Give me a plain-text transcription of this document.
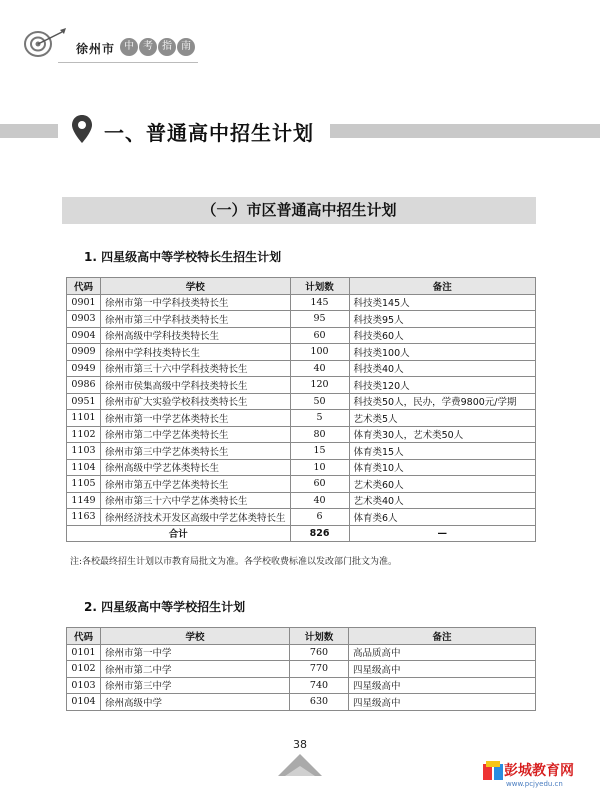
徐州市 中 考 指 南
一、普通高中招生计划
（一）市区普通高中招生计划
1. 四星级高中等学校特长生招生计划
代码	学校	计划数	备注
0901	徐州市第一中学科技类特长生	145	科技类145人
0903	徐州市第三中学科技类特长生	95	科技类95人
0904	徐州高级中学科技类特长生	60	科技类60人
0909	徐州中学科技类特长生	100	科技类100人
0949	徐州市第三十六中学科技类特长生	40	科技类40人
0986	徐州市侯集高级中学科技类特长生	120	科技类120人
0951	徐州市矿大实验学校科技类特长生	50	科技类50人，民办，学费9800元/学期
1101	徐州市第一中学艺体类特长生	5	艺术类5人
1102	徐州市第二中学艺体类特长生	80	体育类30人，艺术类50人
1103	徐州市第三中学艺体类特长生	15	体育类15人
1104	徐州高级中学艺体类特长生	10	体育类10人
1105	徐州市第五中学艺体类特长生	60	艺术类60人
1149	徐州市第三十六中学艺体类特长生	40	艺术类40人
1163	徐州经济技术开发区高级中学艺体类特长生	6	体育类6人
合计		826	—
注:各校最终招生计划以市教育局批文为准。各学校收费标准以发改部门批文为准。
2. 四星级高中等学校招生计划
代码	学校	计划数	备注
0101	徐州市第一中学	760	高品质高中
0102	徐州市第二中学	770	四星级高中
0103	徐州市第三中学	740	四星级高中
0104	徐州高级中学	630	四星级高中
38
彭城教育网
www.pcjyedu.cn
